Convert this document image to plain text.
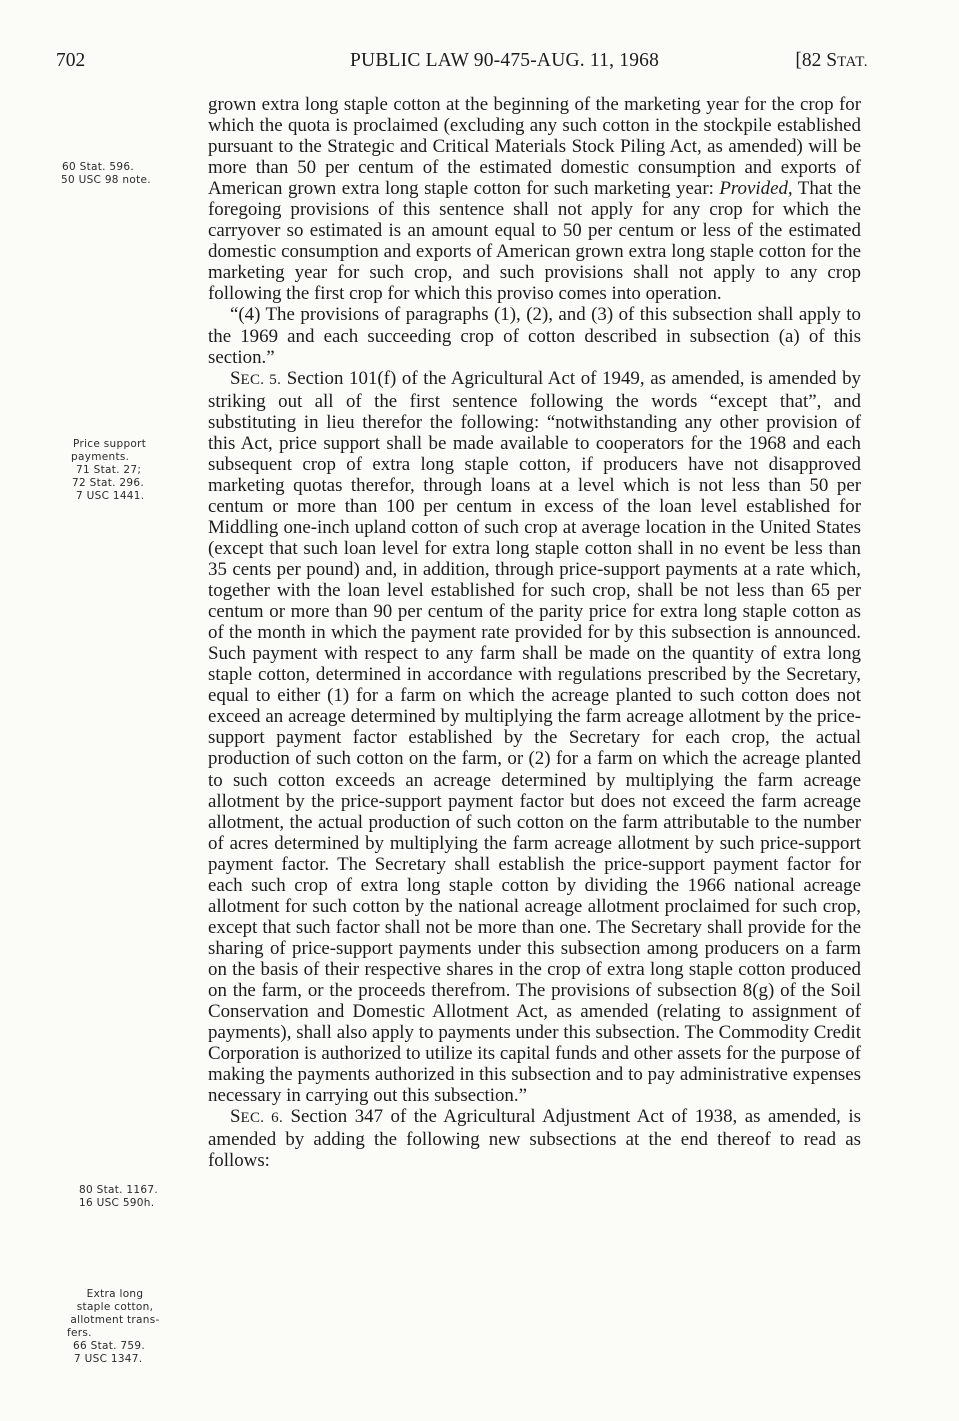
702	PUBLIC LAW 90-475-AUG. 11, 1968	[82 STAT.
60 Stat. 596.
50 USC 98 note.
Price support
payments.
71 Stat. 27;
72 Stat. 296.
7 USC 1441.
80 Stat. 1167.
16 USC 590h.
Extra long
staple cotton,
allotment trans-
fers.
66 Stat. 759.
7 USC 1347.

grown extra long staple cotton at the beginning of the marketing year for the crop for which the quota is proclaimed (excluding any such cotton in the stockpile established pursuant to the Strategic and Critical Materials Stock Piling Act, as amended) will be more than 50 per centum of the estimated domestic consumption and exports of American grown extra long staple cotton for such marketing year: Provided, That the foregoing provisions of this sentence shall not apply for any crop for which the carryover so estimated is an amount equal to 50 per centum or less of the estimated domestic consumption and exports of American grown extra long staple cotton for the marketing year for such crop, and such provisions shall not apply to any crop following the first crop for which this proviso comes into operation.

“(4) The provisions of paragraphs (1), (2), and (3) of this subsection shall apply to the 1969 and each succeeding crop of cotton described in subsection (a) of this section.”

SEC. 5. Section 101(f) of the Agricultural Act of 1949, as amended, is amended by striking out all of the first sentence following the words “except that”, and substituting in lieu therefor the following: “notwithstanding any other provision of this Act, price support shall be made available to cooperators for the 1968 and each subsequent crop of extra long staple cotton, if producers have not disapproved marketing quotas therefor, through loans at a level which is not less than 50 per centum or more than 100 per centum in excess of the loan level established for Middling one-inch upland cotton of such crop at average location in the United States (except that such loan level for extra long staple cotton shall in no event be less than 35 cents per pound) and, in addition, through price-support payments at a rate which, together with the loan level established for such crop, shall be not less than 65 per centum or more than 90 per centum of the parity price for extra long staple cotton as of the month in which the payment rate provided for by this subsection is announced. Such payment with respect to any farm shall be made on the quantity of extra long staple cotton, determined in accordance with regulations prescribed by the Secretary, equal to either (1) for a farm on which the acreage planted to such cotton does not exceed an acreage determined by multiplying the farm acreage allotment by the price-support payment factor established by the Secretary for each crop, the actual production of such cotton on the farm, or (2) for a farm on which the acreage planted to such cotton exceeds an acreage determined by multiplying the farm acreage allotment by the price-support payment factor but does not exceed the farm acreage allotment, the actual production of such cotton on the farm attributable to the number of acres determined by multiplying the farm acreage allotment by such price-support payment factor. The Secretary shall establish the price-support payment factor for each such crop of extra long staple cotton by dividing the 1966 national acreage allotment for such cotton by the national acreage allotment proclaimed for such crop, except that such factor shall not be more than one. The Secretary shall provide for the sharing of price-support payments under this subsection among producers on a farm on the basis of their respective shares in the crop of extra long staple cotton produced on the farm, or the proceeds therefrom. The provisions of subsection 8(g) of the Soil Conservation and Domestic Allotment Act, as amended (relating to assignment of payments), shall also apply to payments under this subsection. The Commodity Credit Corporation is authorized to utilize its capital funds and other assets for the purpose of making the payments authorized in this subsection and to pay administrative expenses necessary in carrying out this subsection.”

SEC. 6. Section 347 of the Agricultural Adjustment Act of 1938, as amended, is amended by adding the following new subsections at the end thereof to read as follows:
